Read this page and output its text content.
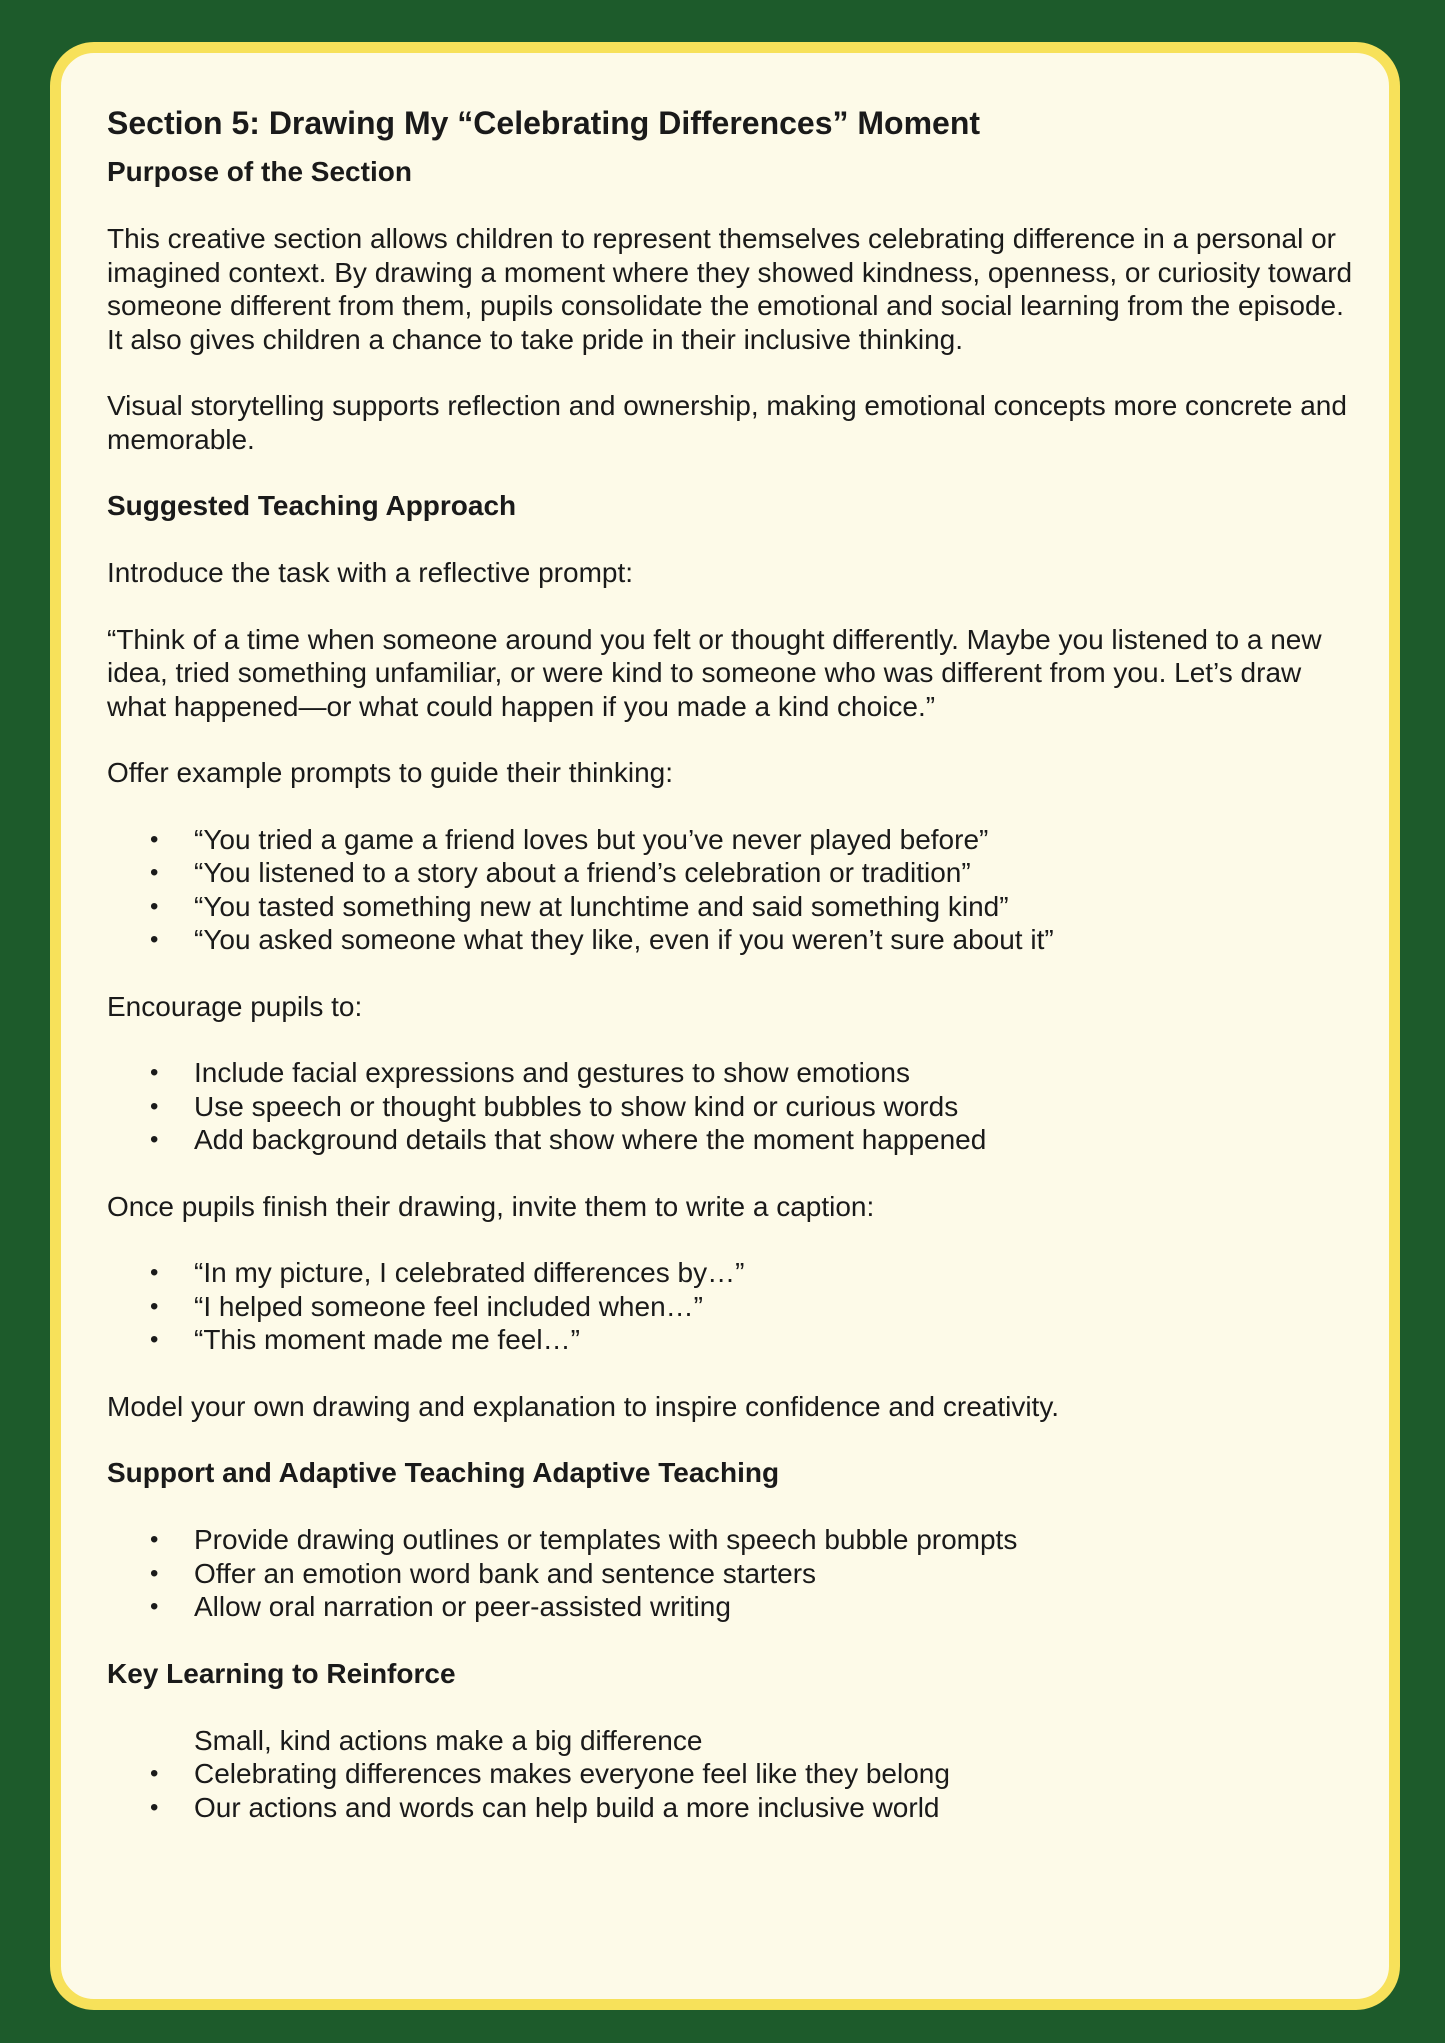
Section 5: Drawing My “Celebrating Differences” Moment
Purpose of the Section

This creative section allows children to represent themselves celebrating difference in a personal or imagined context. By drawing a moment where they showed kindness, openness, or curiosity toward someone different from them, pupils consolidate the emotional and social learning from the episode. It also gives children a chance to take pride in their inclusive thinking.

Visual storytelling supports reflection and ownership, making emotional concepts more concrete and memorable.

Suggested Teaching Approach

Introduce the task with a reflective prompt:

“Think of a time when someone around you felt or thought differently. Maybe you listened to a new idea, tried something unfamiliar, or were kind to someone who was different from you. Let’s draw what happened—or what could happen if you made a kind choice.”

Offer example prompts to guide their thinking:

• “You tried a game a friend loves but you’ve never played before”
• “You listened to a story about a friend’s celebration or tradition”
• “You tasted something new at lunchtime and said something kind”
• “You asked someone what they like, even if you weren’t sure about it”

Encourage pupils to:

• Include facial expressions and gestures to show emotions
• Use speech or thought bubbles to show kind or curious words
• Add background details that show where the moment happened

Once pupils finish their drawing, invite them to write a caption:

• “In my picture, I celebrated differences by…”
• “I helped someone feel included when…”
• “This moment made me feel…”

Model your own drawing and explanation to inspire confidence and creativity.

Support and Adaptive Teaching Adaptive Teaching
• Provide drawing outlines or templates with speech bubble prompts
• Offer an emotion word bank and sentence starters
• Allow oral narration or peer-assisted writing
Key Learning to Reinforce
Small, kind actions make a big difference
• Celebrating differences makes everyone feel like they belong
• Our actions and words can help build a more inclusive world
